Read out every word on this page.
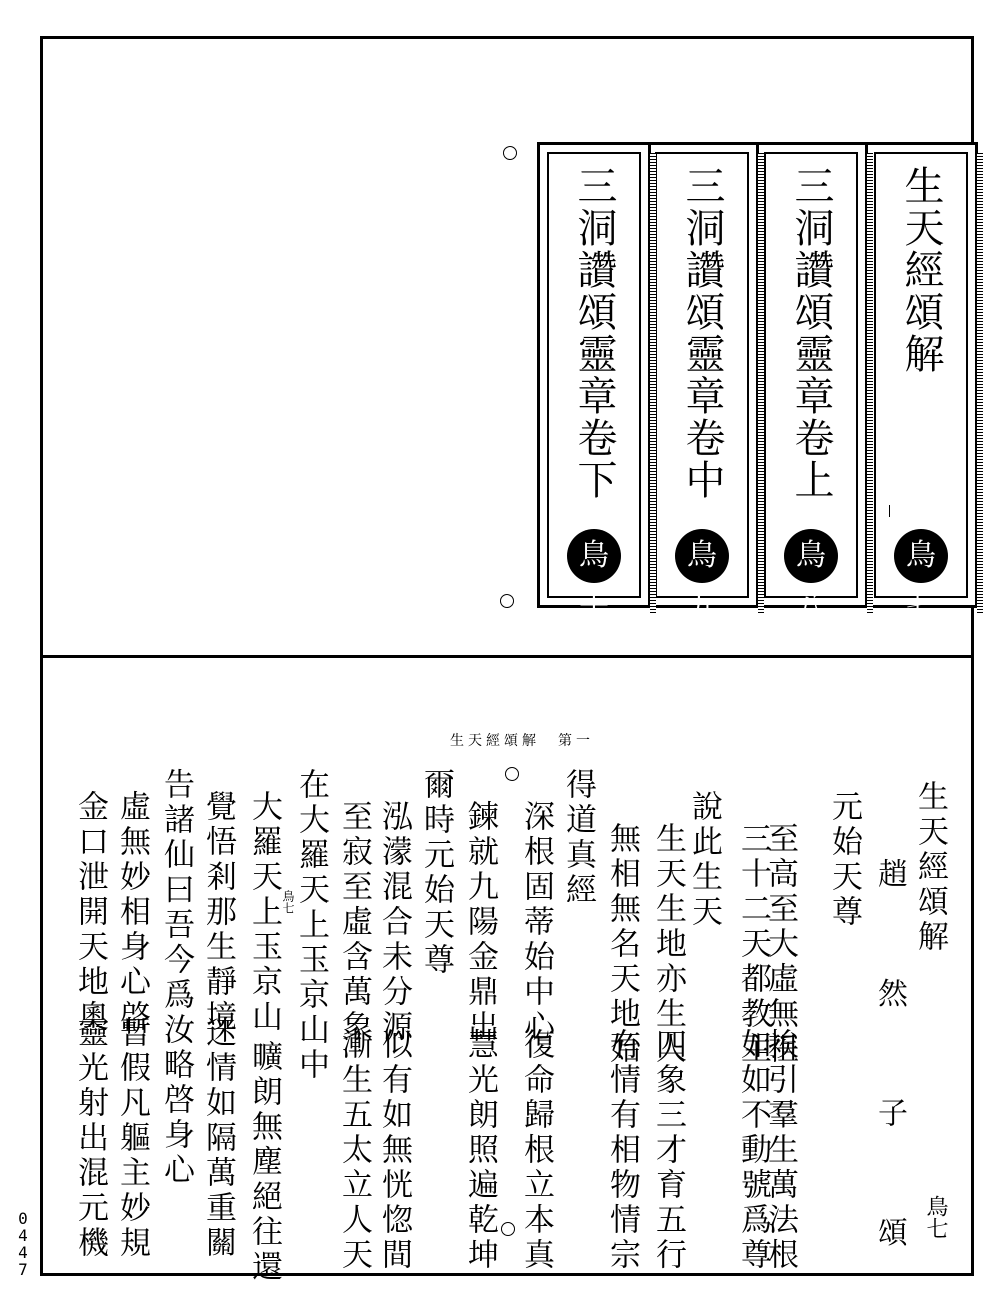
生天經頌解
鳥七
三洞讚頌靈章卷上
鳥八
三洞讚頌靈章卷中
鳥九
三洞讚頌靈章卷下
鳥十
生天經頌解　第一
生天經頌解
趙 然 子 頌 鳥七
元始天尊
至高至大虛無祖
挨引羣生萬法根
三十二天都教主
如如不動號爲尊
說此生天
生天生地亦生人
四象三才育五行
無相無名天地始
有情有相物情宗
得道真經
深根固蒂始中心
復命歸根立本真
鍊就九陽金鼎出
慧光朗照遍乾坤
爾時元始天尊
泓濛混合未分源
似有如無恍惚間
至寂至虛含萬象
漸生五太立人天
在大羅天上玉京山中
鳥七
大羅天上玉京山
曠朗無塵絕往還
覺悟剎那生靜境
迷情如隔萬重關
告諸仙曰吾今爲汝略啓身心
虛無妙相身心啓
暫假凡軀主妙規
金口泄開天地奧
靈光射出混元機
0447
